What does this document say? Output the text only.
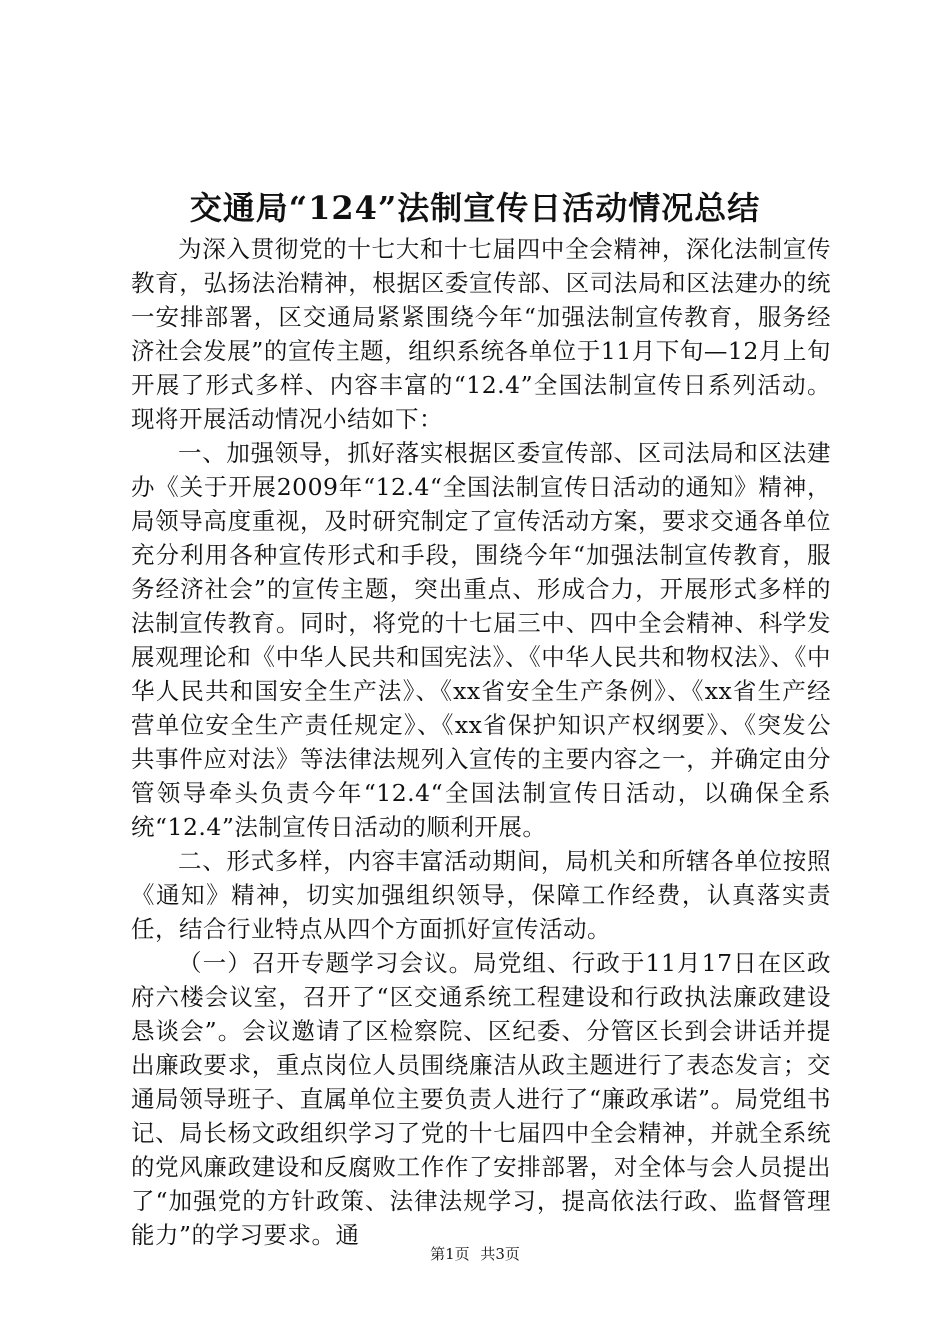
交通局“124”法制宣传日活动情况总结

为深入贯彻党的十七大和十七届四中全会精神，深化法制宣传教育，弘扬法治精神，根据区委宣传部、区司法局和区法建办的统一安排部署，区交通局紧紧围绕今年“加强法制宣传教育，服务经济社会发展”的宣传主题，组织系统各单位于11月下旬—12月上旬开展了形式多样、内容丰富的“12.4”全国法制宣传日系列活动。现将开展活动情况小结如下：

一、加强领导，抓好落实根据区委宣传部、区司法局和区法建办《关于开展2009年“12.4“全国法制宣传日活动的通知》精神，局领导高度重视，及时研究制定了宣传活动方案，要求交通各单位充分利用各种宣传形式和手段，围绕今年“加强法制宣传教育，服务经济社会”的宣传主题，突出重点、形成合力，开展形式多样的法制宣传教育。同时，将党的十七届三中、四中全会精神、科学发展观理论和《中华人民共和国宪法》、《中华人民共和物权法》、《中华人民共和国安全生产法》、《xx省安全生产条例》、《xx省生产经营单位安全生产责任规定》、《xx省保护知识产权纲要》、《突发公共事件应对法》等法律法规列入宣传的主要内容之一，并确定由分管领导牵头负责今年“12.4“全国法制宣传日活动，以确保全系统“12.4”法制宣传日活动的顺利开展。

二、形式多样，内容丰富活动期间，局机关和所辖各单位按照《通知》精神，切实加强组织领导，保障工作经费，认真落实责任，结合行业特点从四个方面抓好宣传活动。

（一）召开专题学习会议。局党组、行政于11月17日在区政府六楼会议室，召开了“区交通系统工程建设和行政执法廉政建设恳谈会”。会议邀请了区检察院、区纪委、分管区长到会讲话并提出廉政要求，重点岗位人员围绕廉洁从政主题进行了表态发言；交通局领导班子、直属单位主要负责人进行了“廉政承诺”。局党组书记、局长杨文政组织学习了党的十七届四中全会精神，并就全系统的党风廉政建设和反腐败工作作了安排部署，对全体与会人员提出了“加强党的方针政策、法律法规学习，提高依法行政、监督管理能力”的学习要求。通

第1页 共3页
